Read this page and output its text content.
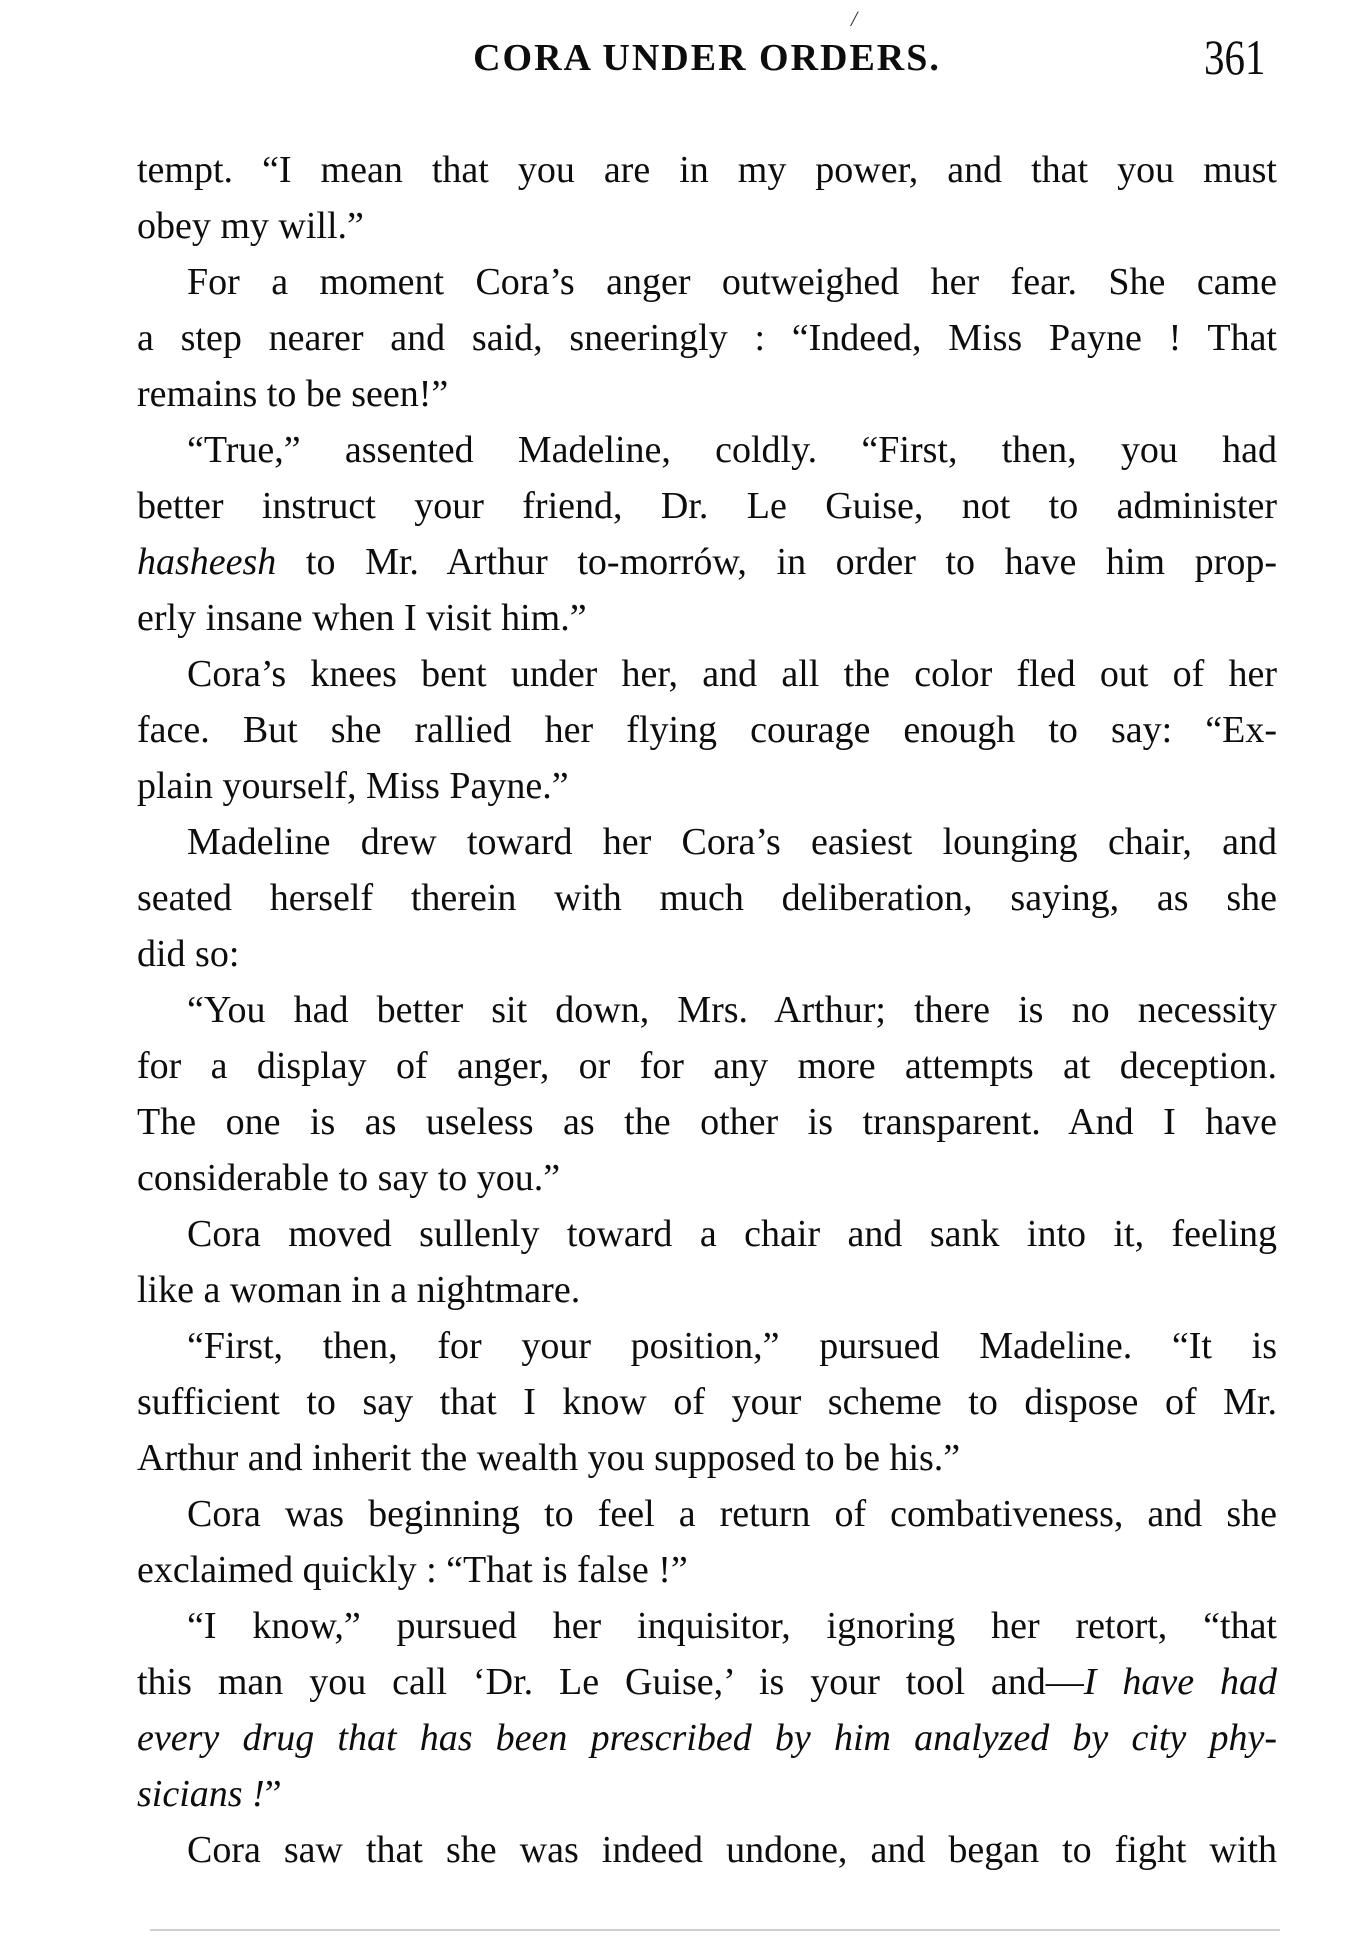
/
CORA UNDER ORDERS.	361
tempt. “I mean that you are in my power, and that you must
obey my will.”
For a moment Cora’s anger outweighed her fear. She came
a step nearer and said, sneeringly : “Indeed, Miss Payne ! That
remains to be seen!”
“True,” assented Madeline, coldly. “First, then, you had
better instruct your friend, Dr. Le Guise, not to administer
hasheesh to Mr. Arthur to-morrów, in order to have him prop-
erly insane when I visit him.”
Cora’s knees bent under her, and all the color fled out of her
face. But she rallied her flying courage enough to say: “Ex-
plain yourself, Miss Payne.”
Madeline drew toward her Cora’s easiest lounging chair, and
seated herself therein with much deliberation, saying, as she
did so:
“You had better sit down, Mrs. Arthur; there is no necessity
for a display of anger, or for any more attempts at deception.
The one is as useless as the other is transparent. And I have
considerable to say to you.”
Cora moved sullenly toward a chair and sank into it, feeling
like a woman in a nightmare.
“First, then, for your position,” pursued Madeline. “It is
sufficient to say that I know of your scheme to dispose of Mr.
Arthur and inherit the wealth you supposed to be his.”
Cora was beginning to feel a return of combativeness, and she
exclaimed quickly : “That is false !”
“I know,” pursued her inquisitor, ignoring her retort, “that
this man you call ‘Dr. Le Guise,’ is your tool and—I have had
every drug that has been prescribed by him analyzed by city phy-
sicians !”
Cora saw that she was indeed undone, and began to fight with
